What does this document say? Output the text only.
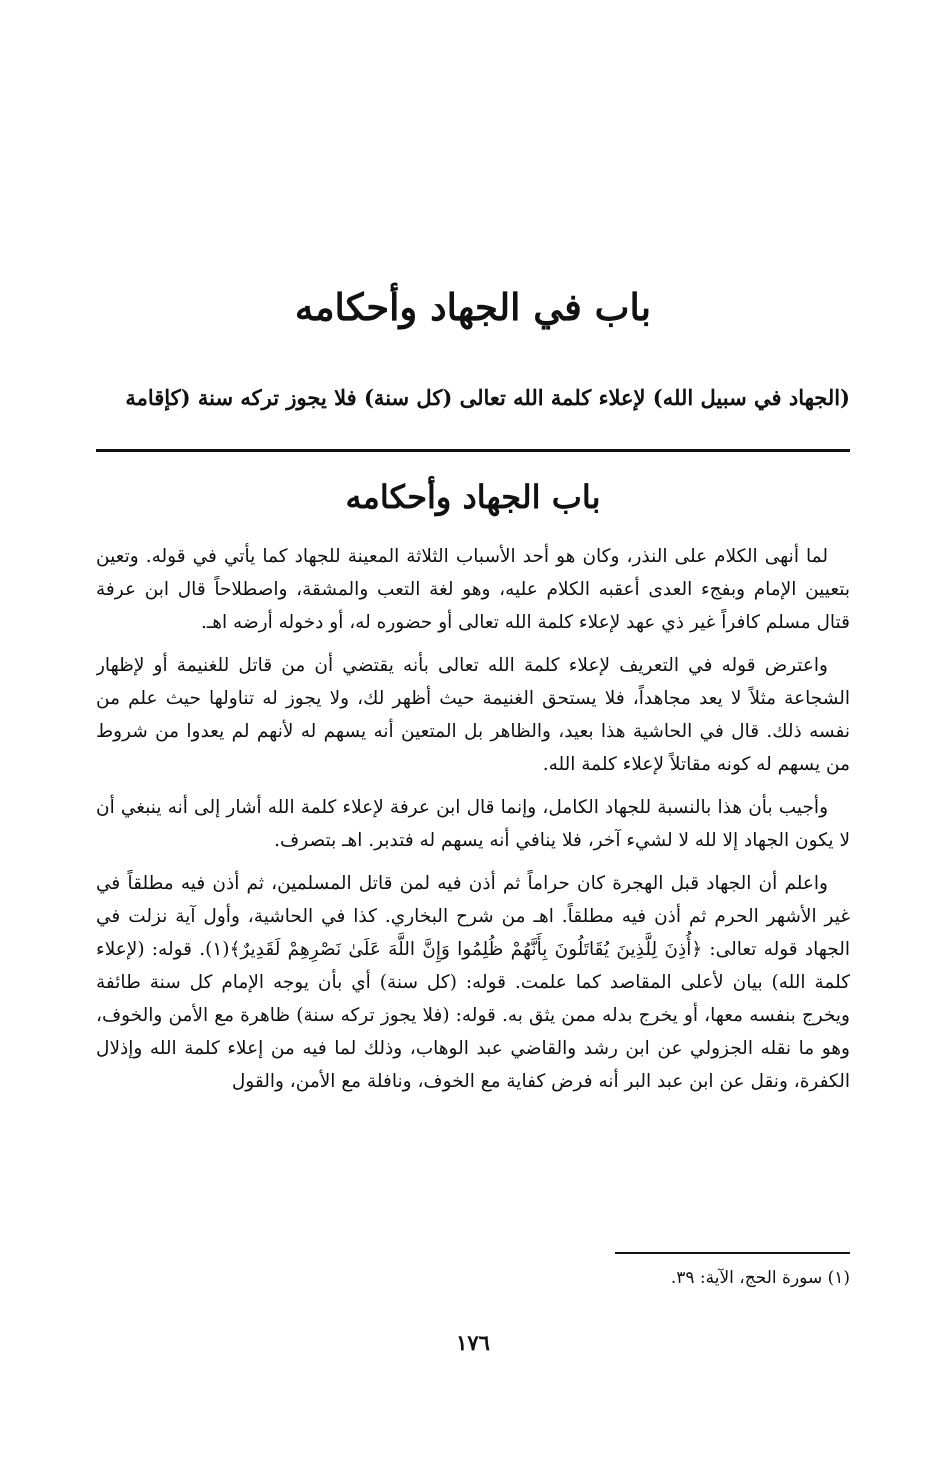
باب في الجهاد وأحكامه
(الجهاد في سبيل الله) لإعلاء كلمة الله تعالى (كل سنة) فلا يجوز تركه سنة (كإقامة
باب الجهاد وأحكامه

لما أنهى الكلام على النذر، وكان هو أحد الأسباب الثلاثة المعينة للجهاد كما يأتي في قوله. وتعين بتعيين الإمام وبفجء العدى أعقبه الكلام عليه، وهو لغة التعب والمشقة، واصطلاحاً قال ابن عرفة قتال مسلم كافراً غير ذي عهد لإعلاء كلمة الله تعالى أو حضوره له، أو دخوله أرضه اهـ.

واعترض قوله في التعريف لإعلاء كلمة الله تعالى بأنه يقتضي أن من قاتل للغنيمة أو لإظهار الشجاعة مثلاً لا يعد مجاهداً، فلا يستحق الغنيمة حيث أظهر لك، ولا يجوز له تناولها حيث علم من نفسه ذلك. قال في الحاشية هذا بعيد، والظاهر بل المتعين أنه يسهم له لأنهم لم يعدوا من شروط من يسهم له كونه مقاتلاً لإعلاء كلمة الله.

وأجيب بأن هذا بالنسبة للجهاد الكامل، وإنما قال ابن عرفة لإعلاء كلمة الله أشار إلى أنه ينبغي أن لا يكون الجهاد إلا لله لا لشيء آخر، فلا ينافي أنه يسهم له فتدبر. اهـ بتصرف.

واعلم أن الجهاد قبل الهجرة كان حراماً ثم أذن فيه لمن قاتل المسلمين، ثم أذن فيه مطلقاً في غير الأشهر الحرم ثم أذن فيه مطلقاً. اهـ من شرح البخاري. كذا في الحاشية، وأول آية نزلت في الجهاد قوله تعالى: ﴿أُذِنَ لِلَّذِينَ يُقَاتَلُونَ بِأَنَّهُمْ ظُلِمُوا وَإِنَّ اللَّهَ عَلَىٰ نَصْرِهِمْ لَقَدِيرٌ﴾(١). قوله: (لإعلاء كلمة الله) بيان لأعلى المقاصد كما علمت. قوله: (كل سنة) أي بأن يوجه الإمام كل سنة طائفة ويخرج بنفسه معها، أو يخرج بدله ممن يثق به. قوله: (فلا يجوز تركه سنة) ظاهرة مع الأمن والخوف، وهو ما نقله الجزولي عن ابن رشد والقاضي عبد الوهاب، وذلك لما فيه من إعلاء كلمة الله وإذلال الكفرة، ونقل عن ابن عبد البر أنه فرض كفاية مع الخوف، ونافلة مع الأمن، والقول

(١) سورة الحج، الآية: ٣٩.
١٧٦
